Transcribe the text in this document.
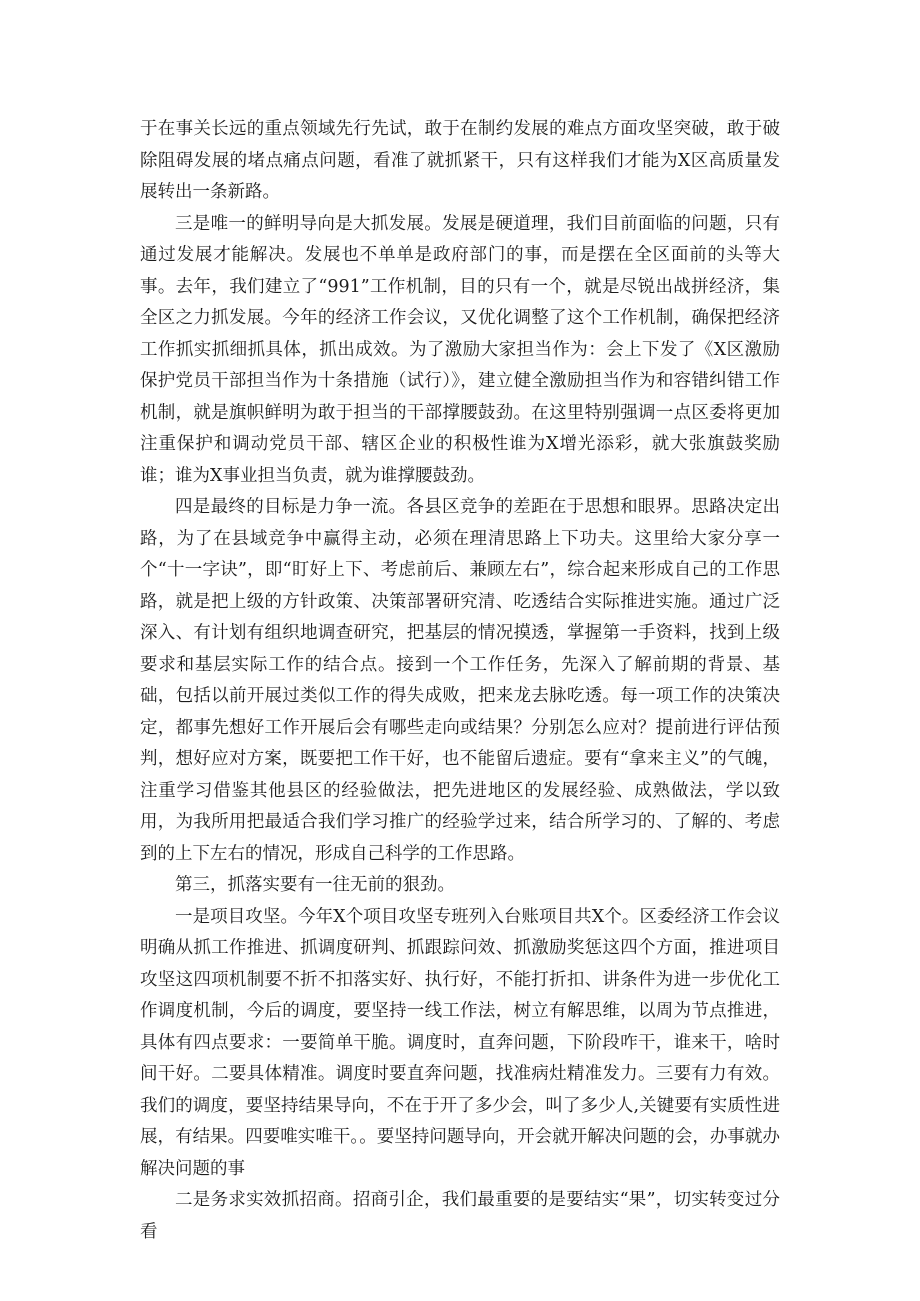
于在事关长远的重点领域先行先试，敢于在制约发展的难点方面攻坚突破，敢于破除阻碍发展的堵点痛点问题，看准了就抓紧干，只有这样我们才能为X区高质量发展转出一条新路。

三是唯一的鲜明导向是大抓发展。发展是硬道理，我们目前面临的问题，只有通过发展才能解决。发展也不单单是政府部门的事，而是摆在全区面前的头等大事。去年，我们建立了“991”工作机制，目的只有一个，就是尽锐出战拼经济，集全区之力抓发展。今年的经济工作会议，又优化调整了这个工作机制，确保把经济工作抓实抓细抓具体，抓出成效。为了激励大家担当作为：会上下发了《X区激励保护党员干部担当作为十条措施（试行）》，建立健全激励担当作为和容错纠错工作机制，就是旗帜鲜明为敢于担当的干部撑腰鼓劲。在这里特别强调一点区委将更加注重保护和调动党员干部、辖区企业的积极性谁为X增光添彩，就大张旗鼓奖励谁；谁为X事业担当负责，就为谁撑腰鼓劲。

四是最终的目标是力争一流。各县区竞争的差距在于思想和眼界。思路决定出路，为了在县域竞争中赢得主动，必须在理清思路上下功夫。这里给大家分享一个“十一字诀”，即“盯好上下、考虑前后、兼顾左右”，综合起来形成自己的工作思路，就是把上级的方针政策、决策部署研究清、吃透结合实际推进实施。通过广泛深入、有计划有组织地调查研究，把基层的情况摸透，掌握第一手资料，找到上级要求和基层实际工作的结合点。接到一个工作任务，先深入了解前期的背景、基础，包括以前开展过类似工作的得失成败，把来龙去脉吃透。每一项工作的决策决定，都事先想好工作开展后会有哪些走向或结果？分别怎么应对？提前进行评估预判，想好应对方案，既要把工作干好，也不能留后遗症。要有“拿来主义”的气魄，注重学习借鉴其他县区的经验做法，把先进地区的发展经验、成熟做法，学以致用，为我所用把最适合我们学习推广的经验学过来，结合所学习的、了解的、考虑到的上下左右的情况，形成自己科学的工作思路。

第三，抓落实要有一往无前的狠劲。

一是项目攻坚。今年X个项目攻坚专班列入台账项目共X个。区委经济工作会议明确从抓工作推进、抓调度研判、抓跟踪问效、抓激励奖惩这四个方面，推进项目攻坚这四项机制要不折不扣落实好、执行好，不能打折扣、讲条件为进一步优化工作调度机制，今后的调度，要坚持一线工作法，树立有解思维，以周为节点推进，具体有四点要求：一要简单干脆。调度时，直奔问题，下阶段咋干，谁来干，啥时间干好。二要具体精准。调度时要直奔问题，找准病灶精准发力。三要有力有效。我们的调度，要坚持结果导向，不在于开了多少会，叫了多少人,关键要有实质性进展，有结果。四要唯实唯干。。要坚持问题导向，开会就开解决问题的会，办事就办解决问题的事

二是务求实效抓招商。招商引企，我们最重要的是要结实“果”，切实转变过分看
